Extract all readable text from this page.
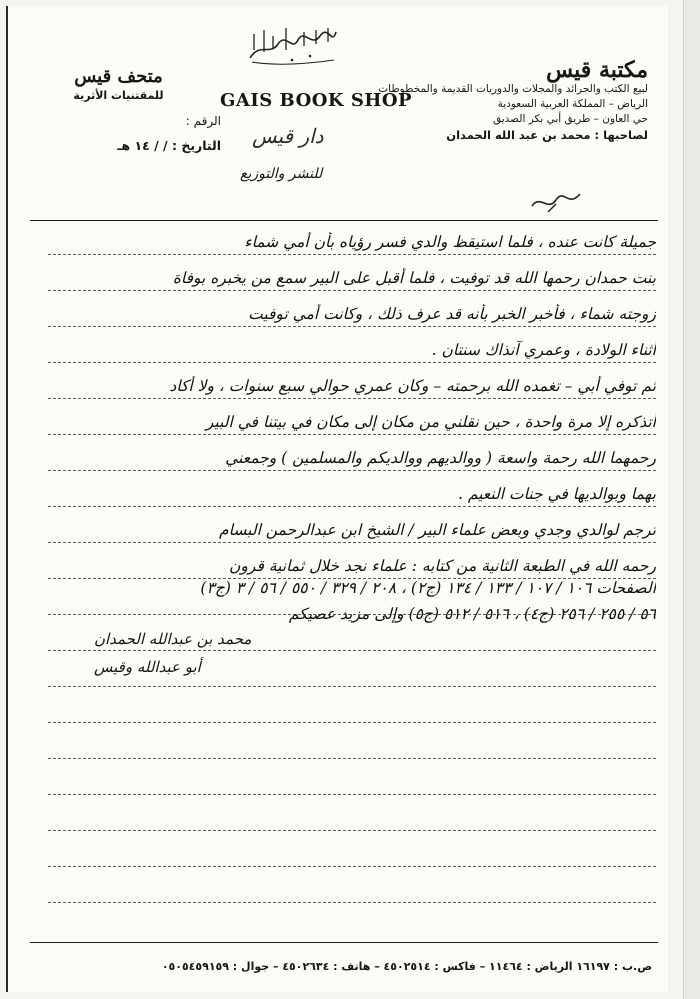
مكتبة قيس
لبيع الكتب والجرائد والمجلات والدوريات القديمة والمخطوطات
الرياض – المملكة العربية السعودية
حي العاون – طريق أبي بكر الصديق
لصاحبها : محمد بن عبد الله الحمدان
GAIS BOOK SHOP
دار قيس
للنشر والتوزيع
متحف قيس
للمقتنيات الأثرية
الرقم :
التاريخ : / / ١٤ هـ
جميلة كانت عنده ، فلما استيقظ والدي فسر رؤياه بأن أمي شماء
بنت حمدان رحمها الله قد توفيت ، فلما أقبل على البير سمع من يخبره بوفاة
زوجته شماء ، فأخبر الخبر بأنه قد عرف ذلك ، وكانت أمي توفيت
أثناء الولادة ، وعمري آنذاك سنتان .
ثم توفي أبي – تغمده الله برحمته – وكان عمري حوالي سبع سنوات ، ولا أكاد
أتذكره إلا مرة واحدة ، حين نقلني من مكان إلى مكان في بيتنا في البير
رحمهما الله رحمة واسعة ( ووالديهم ووالديكم والمسلمين ) وجمعني
بهما وبوالديها في جنات النعيم .
ترجم لوالدي وجدي وبعض علماء البير / الشيخ ابن عبدالرحمن البسام
رحمه الله في الطبعة الثانية من كتابه : علماء نجد خلال ثمانية قرون
الصفحات ١٠٦ / ١٠٧ / ١٣٣ / ١٣٤ (ج٢) ، ٢٠٨ / ٣٢٩ / ٥٥٠ / ٥٦ / ٣ (ج٣)
٥٦ / ٢٥٥ / ٢٥٦ (ج٤) ، ٥١٦ / ٥١٢ (ج٥) وإلى مزيد عصيكم
محمد بن عبدالله الحمدان
أبو عبدالله وقيس
ص.ب : ١٦١٩٧ الرياض : ١١٤٦٤ – فاكس : ٤٥٠٢٥١٤ – هاتف : ٤٥٠٢٦٣٤ – جوال : ٠٥٠٥٤٥٩١٥٩
